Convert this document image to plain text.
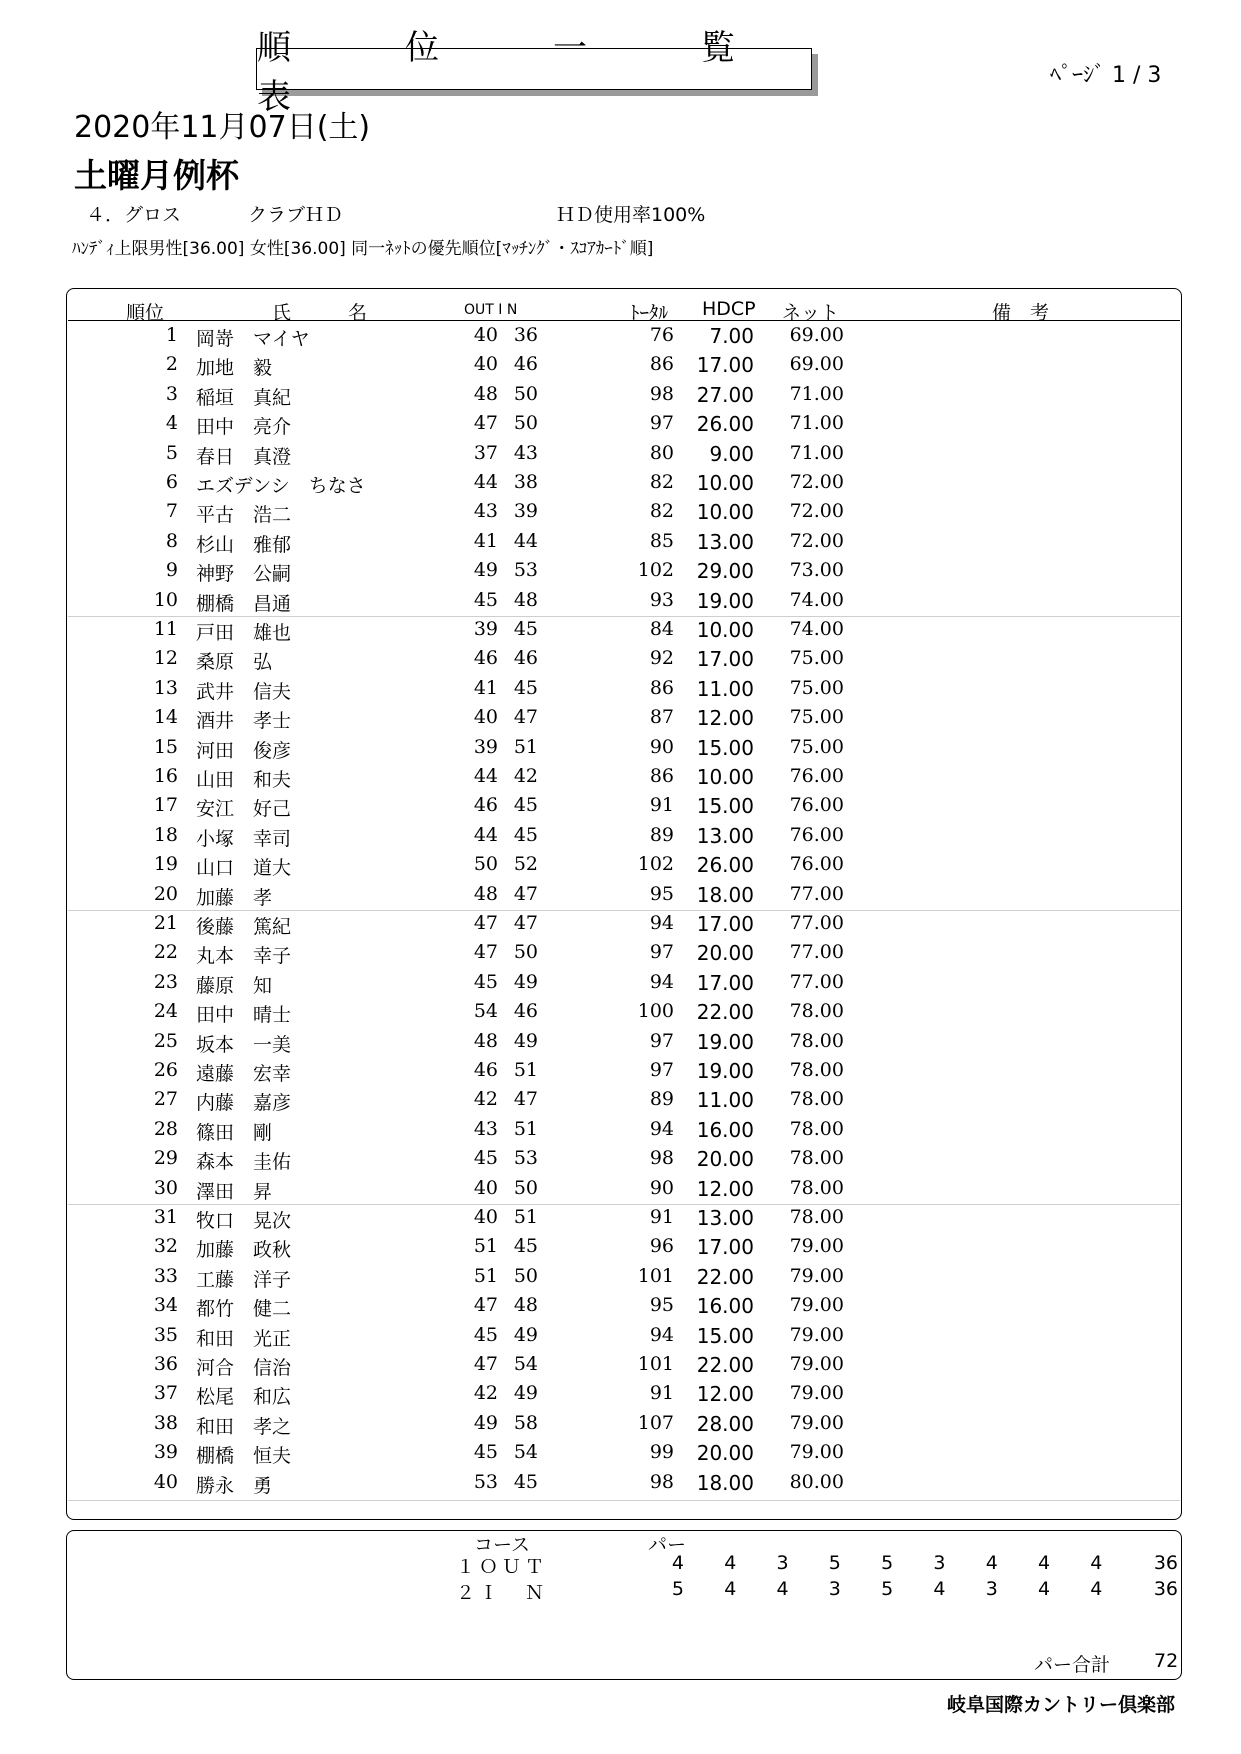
順　位　一　覧　表
ﾍﾟｰｼﾞ 1 / 3
2020年11月07日(土)
土曜月例杯
４．グロス	クラブＨＤ	ＨＤ使用率100%
ﾊﾝﾃﾞｨ上限男性[36.00] 女性[36.00] 同一ﾈｯﾄの優先順位[ﾏｯﾁﾝｸﾞ・ｽｺｱｶｰﾄﾞ順]
順位	氏　　　名	OUT I N	ﾄｰﾀﾙ HDCP ネット	備　考
1 岡嵜　マイヤ	40 36	76 7.00 69.00
2 加地　毅	40 46	86 17.00 69.00
3 稲垣　真紀	48 50	98 27.00 71.00
4 田中　亮介	47 50	97 26.00 71.00
5 春日　真澄	37 43	80 9.00 71.00
6 エズデンシ　ちなさ	44 38	82 10.00 72.00
7 平古　浩二	43 39	82 10.00 72.00
8 杉山　雅郁	41 44	85 13.00 72.00
9 神野　公嗣	49 53	102 29.00 73.00
10 棚橋　昌通	45 48	93 19.00 74.00
11 戸田　雄也	39 45	84 10.00 74.00
12 桑原　弘	46 46	92 17.00 75.00
13 武井　信夫	41 45	86 11.00 75.00
14 酒井　孝士	40 47	87 12.00 75.00
15 河田　俊彦	39 51	90 15.00 75.00
16 山田　和夫	44 42	86 10.00 76.00
17 安江　好己	46 45	91 15.00 76.00
18 小塚　幸司	44 45	89 13.00 76.00
19 山口　道大	50 52	102 26.00 76.00
20 加藤　孝	48 47	95 18.00 77.00
21 後藤　篤紀	47 47	94 17.00 77.00
22 丸本　幸子	47 50	97 20.00 77.00
23 藤原　知	45 49	94 17.00 77.00
24 田中　晴士	54 46	100 22.00 78.00
25 坂本　一美	48 49	97 19.00 78.00
26 遠藤　宏幸	46 51	97 19.00 78.00
27 内藤　嘉彦	42 47	89 11.00 78.00
28 篠田　剛	43 51	94 16.00 78.00
29 森本　圭佑	45 53	98 20.00 78.00
30 澤田　昇	40 50	90 12.00 78.00
31 牧口　晃次	40 51	91 13.00 78.00
32 加藤　政秋	51 45	96 17.00 79.00
33 工藤　洋子	51 50	101 22.00 79.00
34 都竹　健二	47 48	95 16.00 79.00
35 和田　光正	45 49	94 15.00 79.00
36 河合　信治	47 54	101 22.00 79.00
37 松尾　和広	42 49	91 12.00 79.00
38 和田　孝之	49 58	107 28.00 79.00
39 棚橋　恒夫	45 54	99 20.00 79.00
40 勝永　勇	53 45	98 18.00 80.00
コース	パー
１ＯＵＴ	4	4	3	5	5	3	4	4	4	36
２Ｉ　Ｎ	5	4	4	3	5	4	3	4	4	36
パー合計 72
岐阜国際カントリー倶楽部
